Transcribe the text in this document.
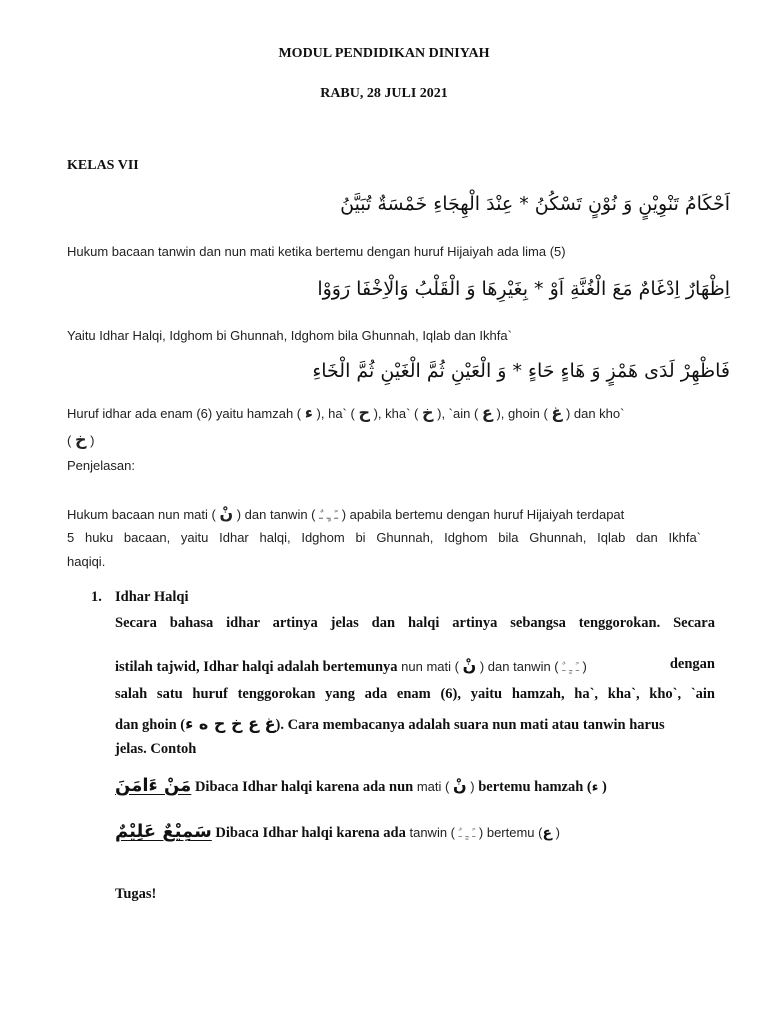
MODUL PENDIDIKAN DINIYAH
RABU, 28 JULI 2021
KELAS VII
اَحْكَامُ تَنْوِيْنٍ وَ نُوْنٍ تَسْكُنُ * عِنْدَ الْهِجَاءِ خَمْسَةٌ تُبَيَّنُ
Hukum bacaan tanwin dan nun mati ketika bertemu dengan huruf Hijaiyah ada lima (5)
اِظْهَارٌ اِدْغَامٌ مَعَ الْغُنَّةِ اَوْ * بِغَيْرِهَا وَ الْقَلْبُ وَالْاِخْفَا رَوَوْا
Yaitu Idhar Halqi, Idghom bi Ghunnah, Idghom bila Ghunnah, Iqlab dan Ikhfa`
فَاظْهِرْ لَدَى هَمْزٍ وَ هَاءٍ حَاءٍ * وَ الْعَيْنِ ثُمَّ الْغَيْنِ ثُمَّ الْخَاءِ
Huruf idhar ada enam (6) yaitu hamzah ( ء ), ha` ( ح ), kha` ( خ ), `ain ( ع ), ghoin ( غ ) dan kho`
( خ )
Penjelasan:
Hukum bacaan nun mati ( نْ ) dan tanwin ( ـً ـٍ ـٌ ) apabila bertemu dengan huruf Hijaiyah terdapat
5 huku bacaan, yaitu Idhar halqi, Idghom bi Ghunnah, Idghom bila Ghunnah, Iqlab dan Ikhfa`
haqiqi.
1. Idhar Halqi
Secara bahasa idhar artinya jelas dan halqi artinya sebangsa tenggorokan. Secara
istilah tajwid, Idhar halqi adalah bertemunya nun mati ( نْ ) dan tanwin ( ـً ـٍ ـٌ )	dengan
salah satu huruf tenggorokan yang ada enam (6), yaitu hamzah, ha`, kha`, kho`, `ain
dan ghoin (غ ع خ ح ه ء). Cara membacanya adalah suara nun mati atau tanwin harus
jelas. Contoh
مَنْ ءَامَنَ Dibaca Idhar halqi karena ada nun mati ( نْ ) bertemu hamzah (ء )
سَمِيْعٌ عَلِيْمٌ Dibaca Idhar halqi karena ada tanwin ( ـً ـٍ ـٌ ) bertemu (ع )
Tugas!
